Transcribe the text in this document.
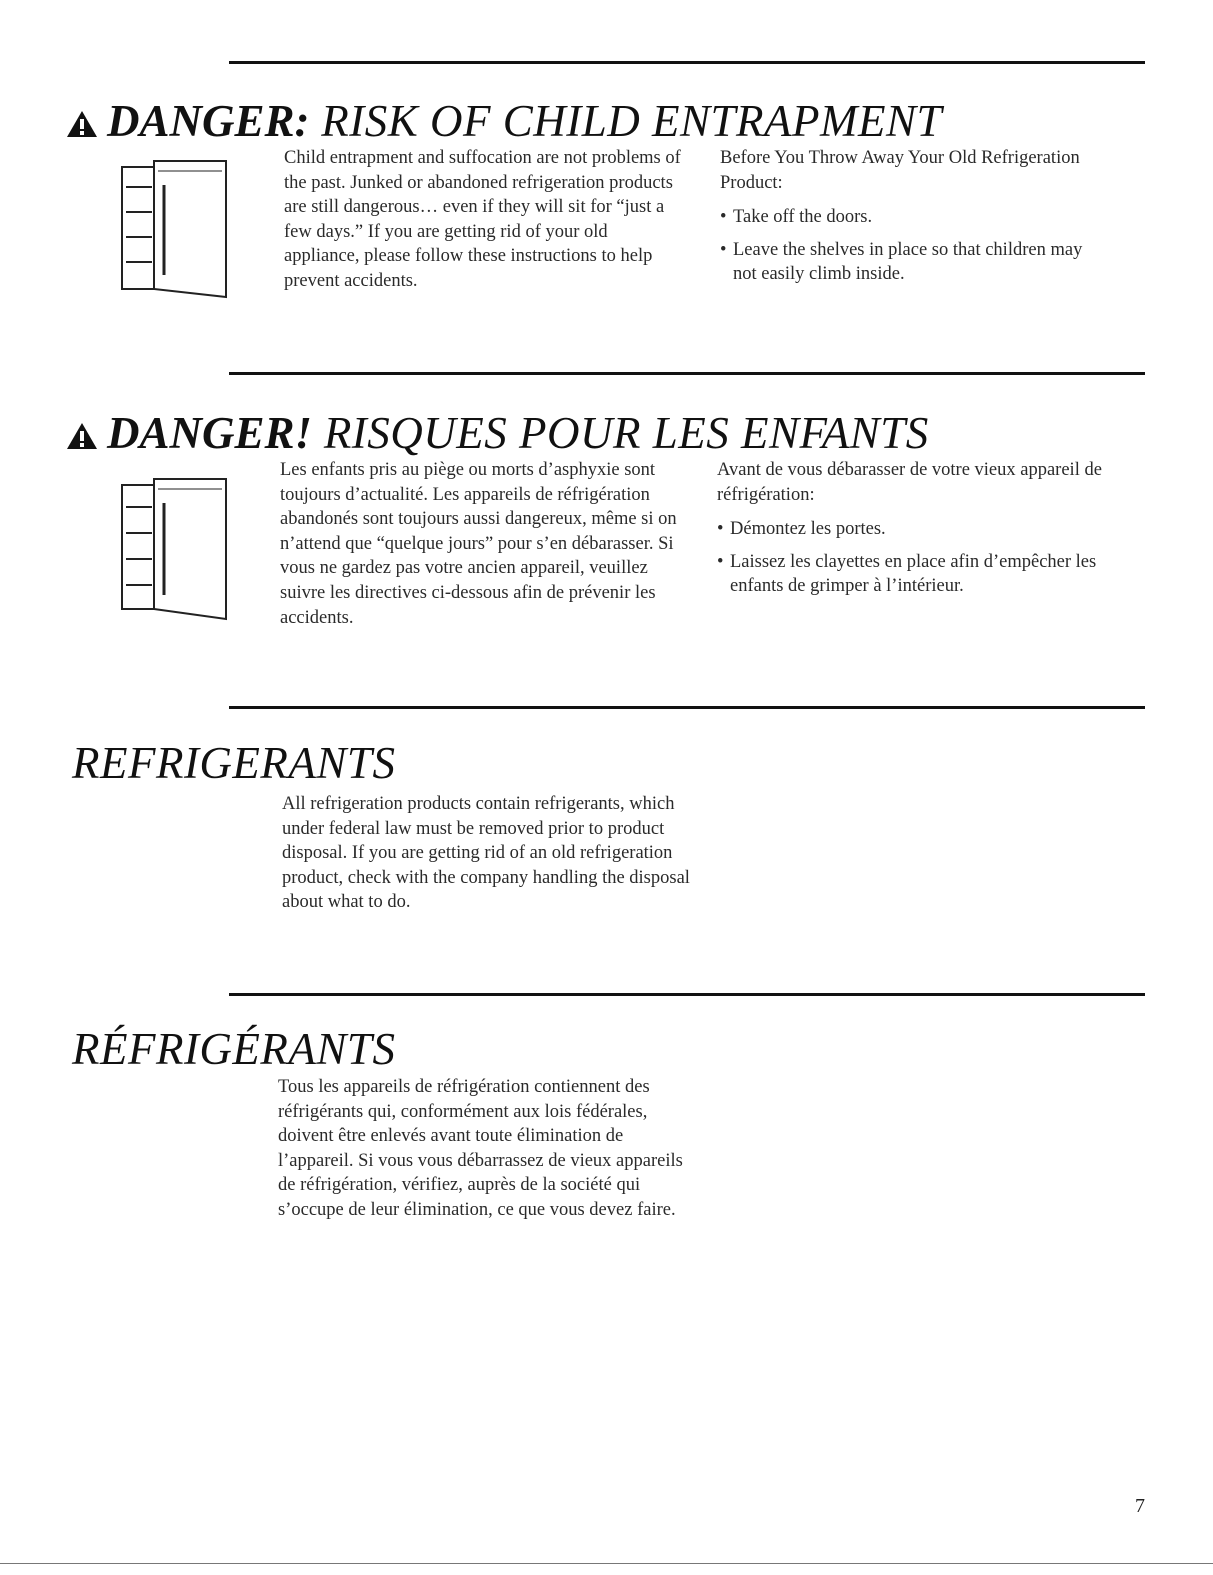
DANGER: RISK OF CHILD ENTRAPMENT

Child entrapment and suffocation are not problems of the past. Junked or abandoned refrigeration products are still dangerous… even if they will sit for “just a few days.” If you are getting rid of your old appliance, please follow these instructions to help prevent accidents.

Before You Throw Away Your Old Refrigeration Product:

• Take off the doors.
• Leave the shelves in place so that children may not easily climb inside.
DANGER! RISQUES POUR LES ENFANTS

Les enfants pris au piège ou morts d’asphyxie sont toujours d’actualité. Les appareils de réfrigération abandonés sont toujours aussi dangereux, même si on n’attend que “quelque jours” pour s’en débarasser. Si vous ne gardez pas votre ancien appareil, veuillez suivre les directives ci-dessous afin de prévenir les accidents.

Avant de vous débarasser de votre vieux appareil de réfrigération:

• Démontez les portes.
• Laissez les clayettes en place afin d’empêcher les enfants de grimper à l’intérieur.
REFRIGERANTS

All refrigeration products contain refrigerants, which under federal law must be removed prior to product disposal. If you are getting rid of an old refrigeration product, check with the company handling the disposal about what to do.

RÉFRIGÉRANTS

Tous les appareils de réfrigération contiennent des réfrigérants qui, conformément aux lois fédérales, doivent être enlevés avant toute élimination de l’appareil. Si vous vous débarrassez de vieux appareils de réfrigération, vérifiez, auprès de la société qui s’occupe de leur élimination, ce que vous devez faire.

7
